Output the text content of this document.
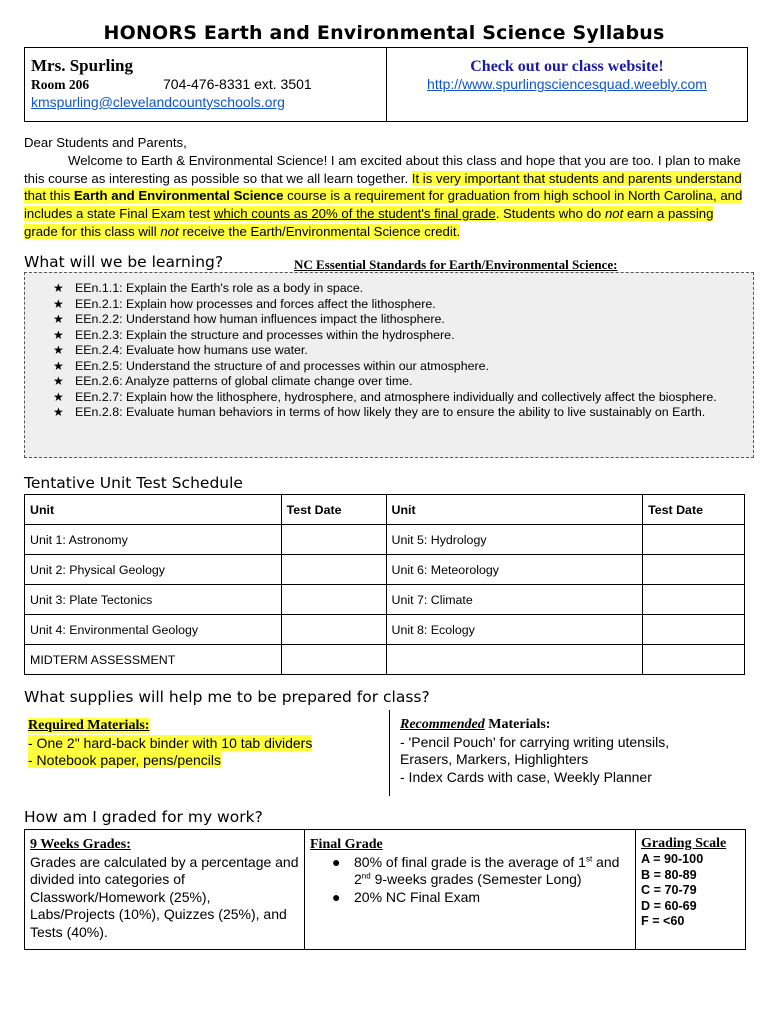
HONORS Earth and Environmental Science Syllabus
Mrs. Spurling
Room 206	704-476-8331 ext. 3501
kmspurling@clevelandcountyschools.org
Check out our class website!
http://www.spurlingsciencesquad.weebly.com
Dear Students and Parents,
Welcome to Earth & Environmental Science! I am excited about this class and hope that you are too. I plan to make this course as interesting as possible so that we all learn together. It is very important that students and parents understand that this Earth and Environmental Science course is a requirement for graduation from high school in North Carolina, and includes a state Final Exam test which counts as 20% of the student's final grade. Students who do not earn a passing grade for this class will not receive the Earth/Environmental Science credit.
What will we be learning?	NC Essential Standards for Earth/Environmental Science:
★ EEn.1.1: Explain the Earth's role as a body in space.
★ EEn.2.1: Explain how processes and forces affect the lithosphere.
★ EEn.2.2: Understand how human influences impact the lithosphere.
★ EEn.2.3: Explain the structure and processes within the hydrosphere.
★ EEn.2.4: Evaluate how humans use water.
★ EEn.2.5: Understand the structure of and processes within our atmosphere.
★ EEn.2.6: Analyze patterns of global climate change over time.
★ EEn.2.7: Explain how the lithosphere, hydrosphere, and atmosphere individually and collectively affect the biosphere.
★ EEn.2.8: Evaluate human behaviors in terms of how likely they are to ensure the ability to live sustainably on Earth.
Tentative Unit Test Schedule
Unit	Test Date	Unit	Test Date
Unit 1: Astronomy		Unit 5: Hydrology	
Unit 2: Physical Geology		Unit 6: Meteorology	
Unit 3: Plate Tectonics		Unit 7: Climate	
Unit 4: Environmental Geology		Unit 8: Ecology	
MIDTERM ASSESSMENT			
What supplies will help me to be prepared for class?
Required Materials:
- One 2" hard-back binder with 10 tab dividers
- Notebook paper, pens/pencils
Recommended Materials:
- 'Pencil Pouch' for carrying writing utensils,
Erasers, Markers, Highlighters
- Index Cards with case, Weekly Planner
How am I graded for my work?
9 Weeks Grades:
Grades are calculated by a percentage and divided into categories of Classwork/Homework (25%), Labs/Projects (10%), Quizzes (25%), and Tests (40%).
Final Grade
● 80% of final grade is the average of 1st and 2nd 9-weeks grades (Semester Long)
● 20% NC Final Exam
Grading Scale
A = 90-100
B = 80-89
C = 70-79
D = 60-69
F = <60
